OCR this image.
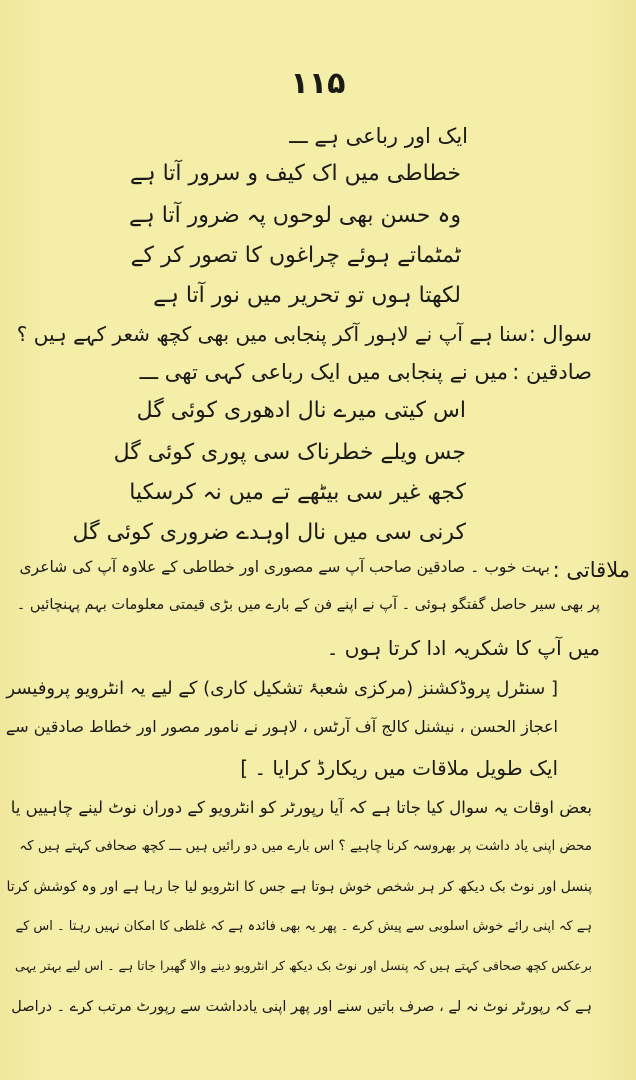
۱۱۵
ایک اور رباعی ہے ـــ
خطاطی میں اک کیف و سرور آتا ہے
وہ حسن بھی لوحوں پہ ضرور آتا ہے
ٹمٹماتے ہوئے چراغوں کا تصور کر کے
لکھتا ہوں تو تحریر میں نور آتا ہے
سوال :
سنا ہے آپ نے لاہور آکر پنجابی میں بھی کچھ شعر کہے ہیں ؟
صادقین :
میں نے پنجابی میں ایک رباعی کہی تھی ـــ
اس کیتی میرے نال ادھوری کوئی گل
جس ویلے خطرناک سی پوری کوئی گل
کجھ غیر سی بیٹھے تے میں نہ کرسکیا
کرنی سی میں نال اوہدے ضروری کوئی گل
ملاقاتی :
بہت خوب ۔ صادقین صاحب آپ سے مصوری اور خطاطی کے علاوہ آپ کی شاعری
پر بھی سیر حاصل گفتگو ہوئی ۔ آپ نے اپنے فن کے بارے میں بڑی قیمتی معلومات بہم پہنچائیں ۔
میں آپ کا شکریہ ادا کرتا ہوں ۔
[ سنٹرل پروڈکشنز (مرکزی شعبۂ تشکیل کاری) کے لیے یہ انٹرویو پروفیسر
اعجاز الحسن ، نیشنل کالج آف آرٹس ، لاہور نے نامور مصور اور خطاط صادقین سے
ایک طویل ملاقات میں ریکارڈ کرایا ۔ ]
بعض اوقات یہ سوال کیا جاتا ہے کہ آیا رپورٹر کو انٹرویو کے دوران نوٹ لینے چاہییں یا
محض اپنی یاد داشت پر بھروسہ کرنا چاہیے ؟ اس بارے میں دو رائیں ہیں ـــ کچھ صحافی کہتے ہیں کہ
پنسل اور نوٹ بک دیکھ کر ہر شخص خوش ہوتا ہے جس کا انٹرویو لیا جا رہا ہے اور وہ کوشش کرتا
ہے کہ اپنی رائے خوش اسلوبی سے پیش کرے ۔ پھر یہ بھی فائدہ ہے کہ غلطی کا امکان نہیں رہتا ۔ اس کے
برعکس کچھ صحافی کہتے ہیں کہ پنسل اور نوٹ بک دیکھ کر انٹرویو دینے والا گھبرا جاتا ہے ۔ اس لیے بہتر یہی
ہے کہ رپورٹر نوٹ نہ لے ، صرف باتیں سنے اور پھر اپنی یادداشت سے رپورٹ مرتب کرے ۔ دراصل
